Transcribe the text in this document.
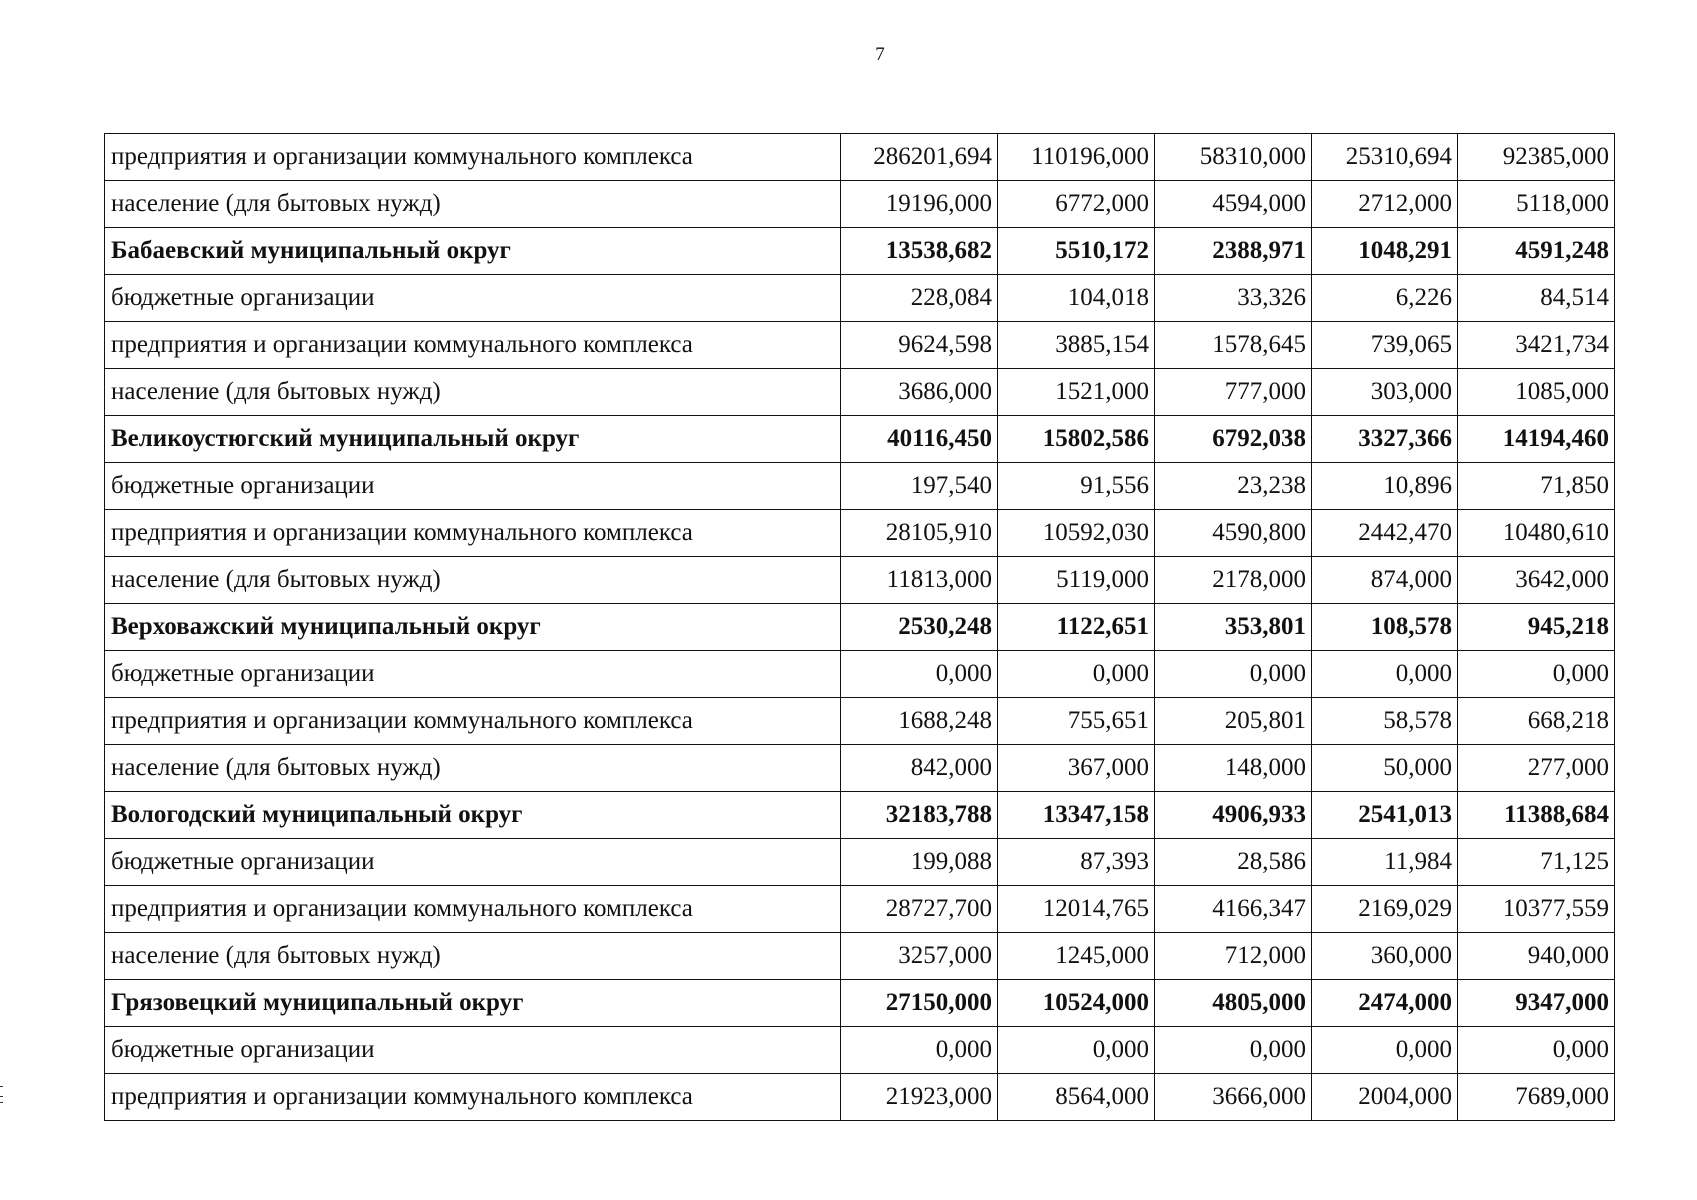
7
предприятия и организации коммунального комплекса	286201,694	110196,000	58310,000	25310,694	92385,000
население (для бытовых нужд)	19196,000	6772,000	4594,000	2712,000	5118,000
Бабаевский муниципальный округ	13538,682	5510,172	2388,971	1048,291	4591,248
бюджетные организации	228,084	104,018	33,326	6,226	84,514
предприятия и организации коммунального комплекса	9624,598	3885,154	1578,645	739,065	3421,734
население (для бытовых нужд)	3686,000	1521,000	777,000	303,000	1085,000
Великоустюгский муниципальный округ	40116,450	15802,586	6792,038	3327,366	14194,460
бюджетные организации	197,540	91,556	23,238	10,896	71,850
предприятия и организации коммунального комплекса	28105,910	10592,030	4590,800	2442,470	10480,610
население (для бытовых нужд)	11813,000	5119,000	2178,000	874,000	3642,000
Верховажский муниципальный округ	2530,248	1122,651	353,801	108,578	945,218
бюджетные организации	0,000	0,000	0,000	0,000	0,000
предприятия и организации коммунального комплекса	1688,248	755,651	205,801	58,578	668,218
население (для бытовых нужд)	842,000	367,000	148,000	50,000	277,000
Вологодский муниципальный округ	32183,788	13347,158	4906,933	2541,013	11388,684
бюджетные организации	199,088	87,393	28,586	11,984	71,125
предприятия и организации коммунального комплекса	28727,700	12014,765	4166,347	2169,029	10377,559
население (для бытовых нужд)	3257,000	1245,000	712,000	360,000	940,000
Грязовецкий муниципальный округ	27150,000	10524,000	4805,000	2474,000	9347,000
бюджетные организации	0,000	0,000	0,000	0,000	0,000
предприятия и организации коммунального комплекса	21923,000	8564,000	3666,000	2004,000	7689,000
